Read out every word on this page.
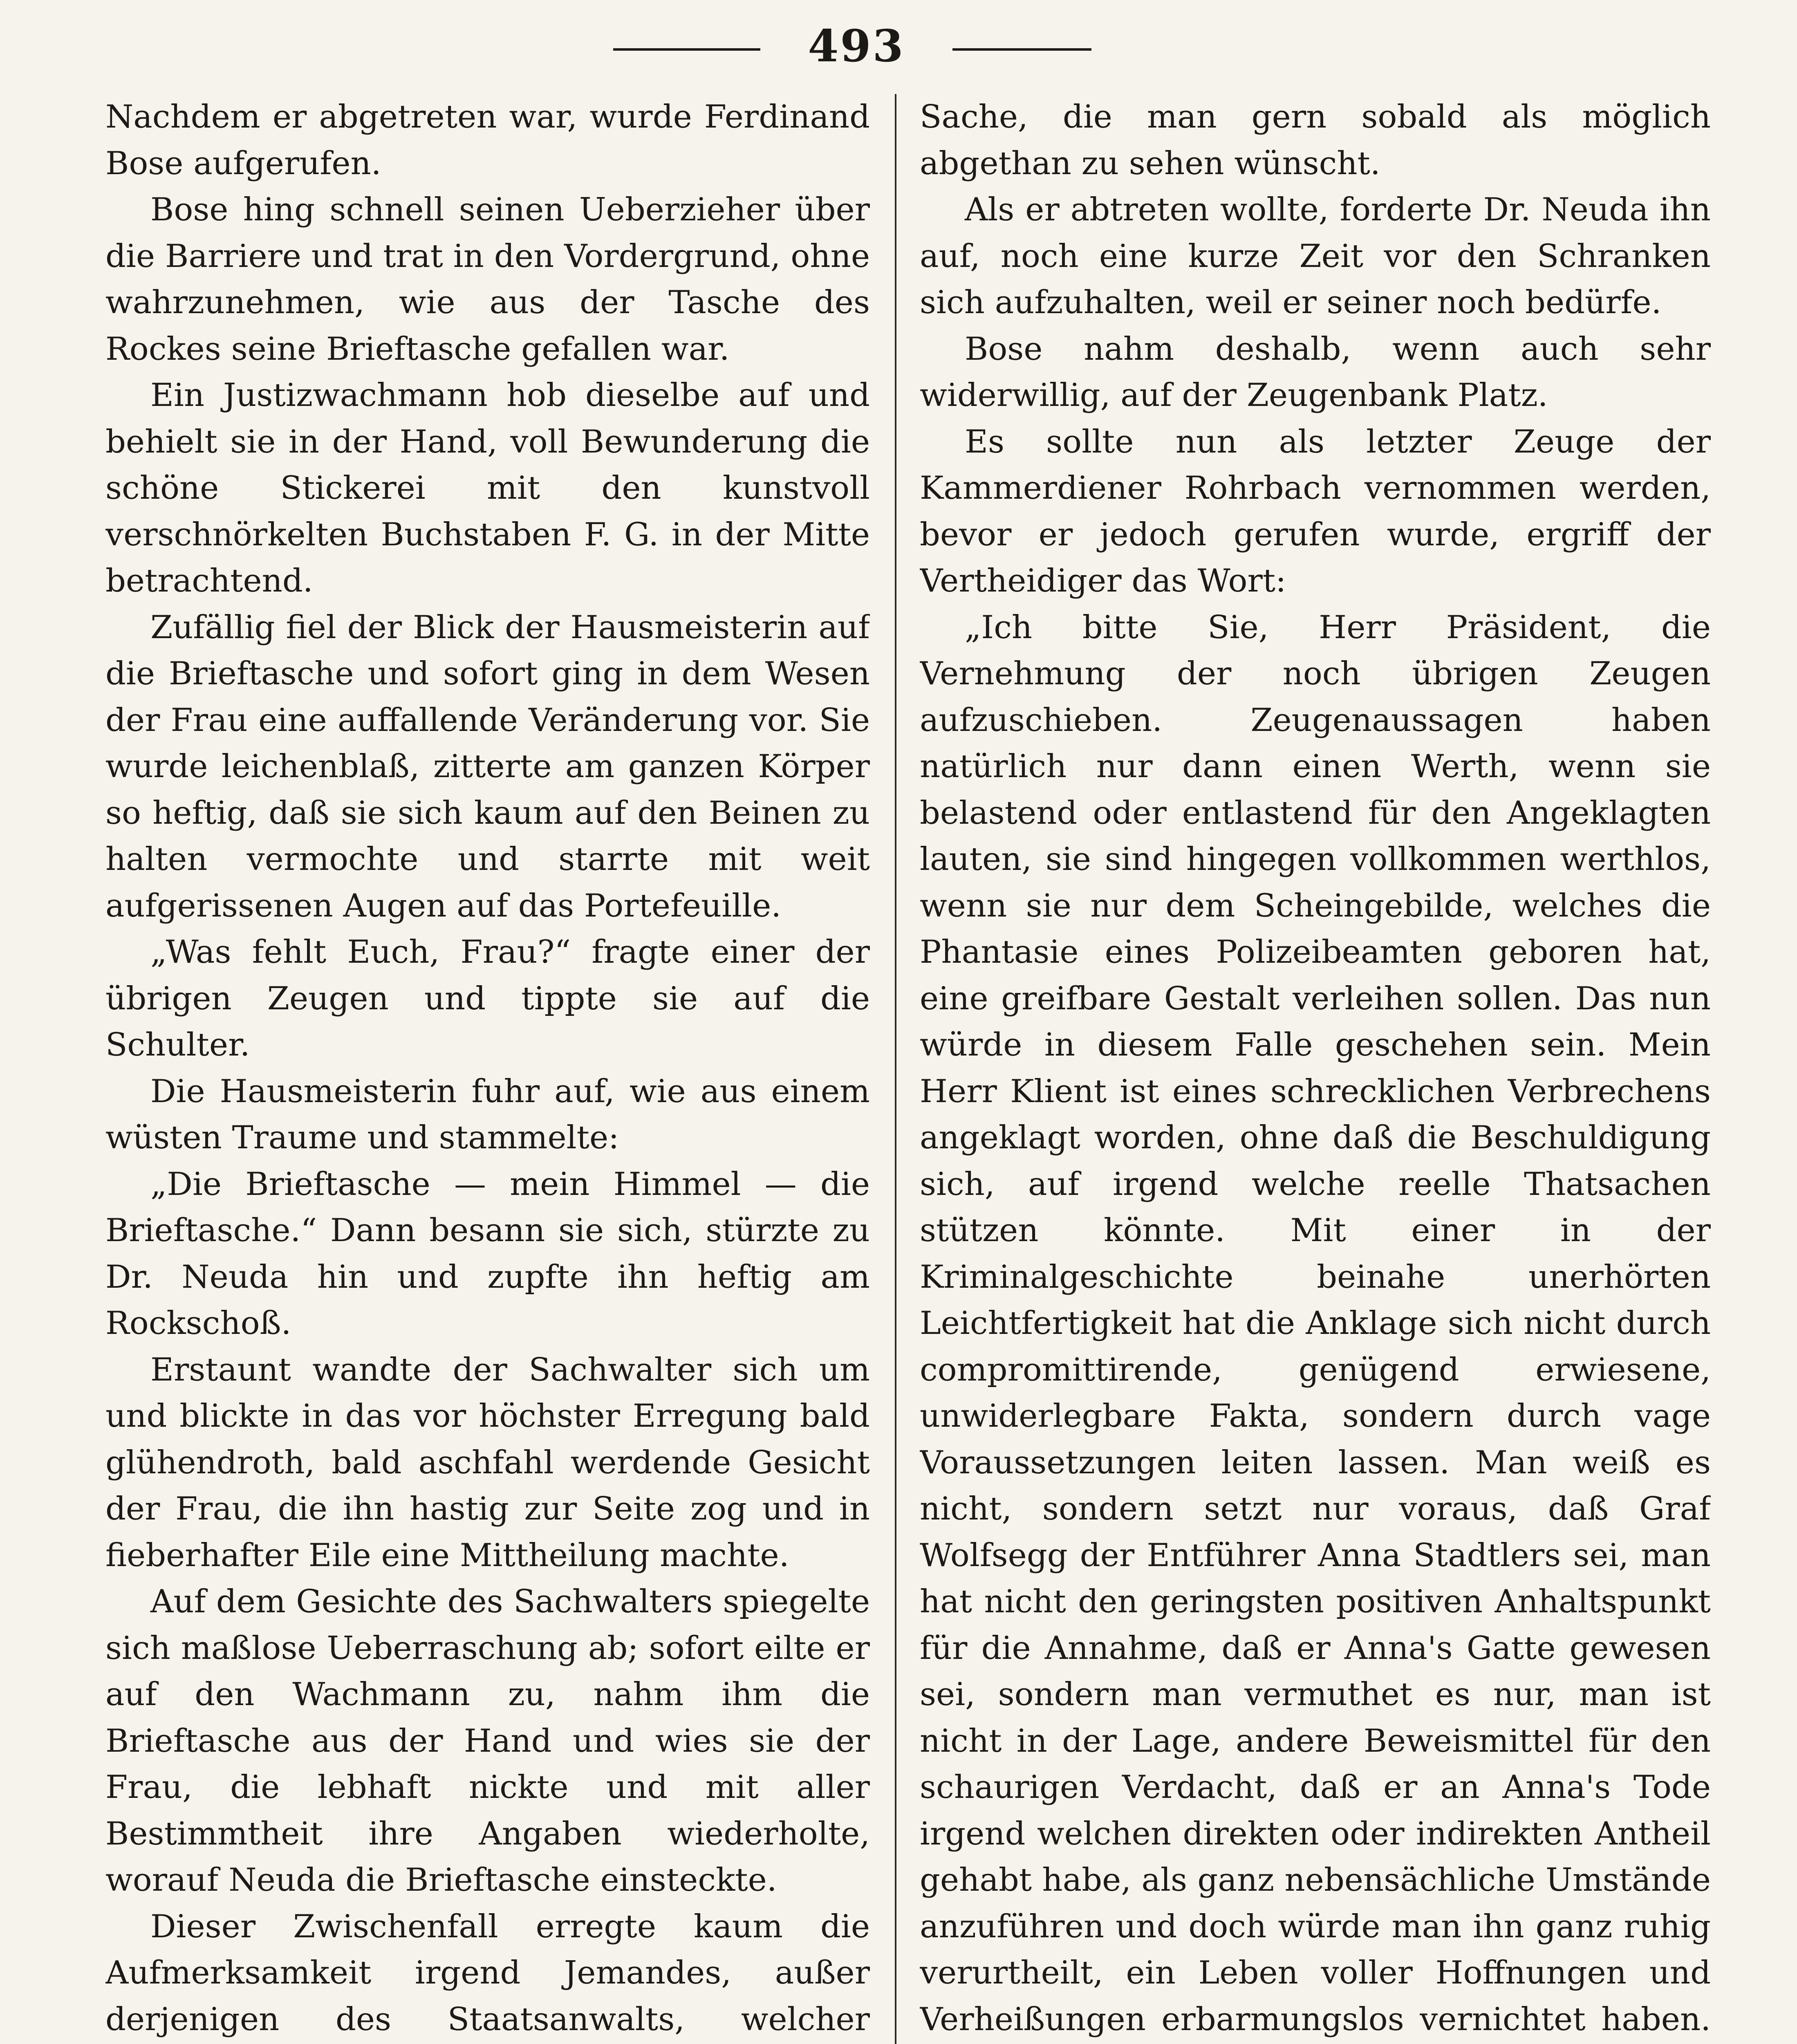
493

Nachdem er abgetreten war, wurde Ferdinand Bose aufgerufen.

Bose hing schnell seinen Ueberzieher über die Barriere und trat in den Vordergrund, ohne wahrzunehmen, wie aus der Tasche des Rockes seine Brieftasche gefallen war.

Ein Justizwachmann hob dieselbe auf und behielt sie in der Hand, voll Bewunderung die schöne Stickerei mit den kunstvoll verschnörkelten Buchstaben F. G. in der Mitte betrachtend.

Zufällig fiel der Blick der Hausmeisterin auf die Brieftasche und sofort ging in dem Wesen der Frau eine auffallende Veränderung vor. Sie wurde leichenblaß, zitterte am ganzen Körper so heftig, daß sie sich kaum auf den Beinen zu halten vermochte und starrte mit weit aufgerissenen Augen auf das Portefeuille.

„Was fehlt Euch, Frau?“ fragte einer der übrigen Zeugen und tippte sie auf die Schulter.

Die Hausmeisterin fuhr auf, wie aus einem wüsten Traume und stammelte:

„Die Brieftasche — mein Himmel — die Brieftasche.“ Dann besann sie sich, stürzte zu Dr. Neuda hin und zupfte ihn heftig am Rockschoß.

Erstaunt wandte der Sachwalter sich um und blickte in das vor höchster Erregung bald glühendroth, bald aschfahl werdende Gesicht der Frau, die ihn hastig zur Seite zog und in fieberhafter Eile eine Mittheilung machte.

Auf dem Gesichte des Sachwalters spiegelte sich maßlose Ueberraschung ab; sofort eilte er auf den Wachmann zu, nahm ihm die Brieftasche aus der Hand und wies sie der Frau, die lebhaft nickte und mit aller Bestimmtheit ihre Angaben wiederholte, worauf Neuda die Brieftasche einsteckte.

Dieser Zwischenfall erregte kaum die Aufmerksamkeit irgend Jemandes, außer derjenigen des Staatsanwalts, welcher

Sache, die man gern sobald als möglich abgethan zu sehen wünscht.

Als er abtreten wollte, forderte Dr. Neuda ihn auf, noch eine kurze Zeit vor den Schranken sich aufzuhalten, weil er seiner noch bedürfe.

Bose nahm deshalb, wenn auch sehr widerwillig, auf der Zeugenbank Platz.

Es sollte nun als letzter Zeuge der Kammerdiener Rohrbach vernommen werden, bevor er jedoch gerufen wurde, ergriff der Vertheidiger das Wort:

„Ich bitte Sie, Herr Präsident, die Vernehmung der noch übrigen Zeugen aufzuschieben. Zeugenaussagen haben natürlich nur dann einen Werth, wenn sie belastend oder entlastend für den Angeklagten lauten, sie sind hingegen vollkommen werthlos, wenn sie nur dem Scheingebilde, welches die Phantasie eines Polizeibeamten geboren hat, eine greifbare Gestalt verleihen sollen. Das nun würde in diesem Falle geschehen sein. Mein Herr Klient ist eines schrecklichen Verbrechens angeklagt worden, ohne daß die Beschuldigung sich, auf irgend welche reelle Thatsachen stützen könnte. Mit einer in der Kriminalgeschichte beinahe unerhörten Leichtfertigkeit hat die Anklage sich nicht durch compromittirende, genügend erwiesene, unwiderlegbare Fakta, sondern durch vage Voraussetzungen leiten lassen. Man weiß es nicht, sondern setzt nur voraus, daß Graf Wolfsegg der Entführer Anna Stadtlers sei, man hat nicht den geringsten positiven Anhaltspunkt für die Annahme, daß er Anna's Gatte gewesen sei, sondern man vermuthet es nur, man ist nicht in der Lage, andere Beweismittel für den schaurigen Verdacht, daß er an Anna's Tode irgend welchen direkten oder indirekten Antheil gehabt habe, als ganz nebensächliche Umstände anzuführen und doch würde man ihn ganz ruhig verurtheilt, ein Leben voller Hoffnungen und Verheißungen erbarmungslos vernichtet haben.
